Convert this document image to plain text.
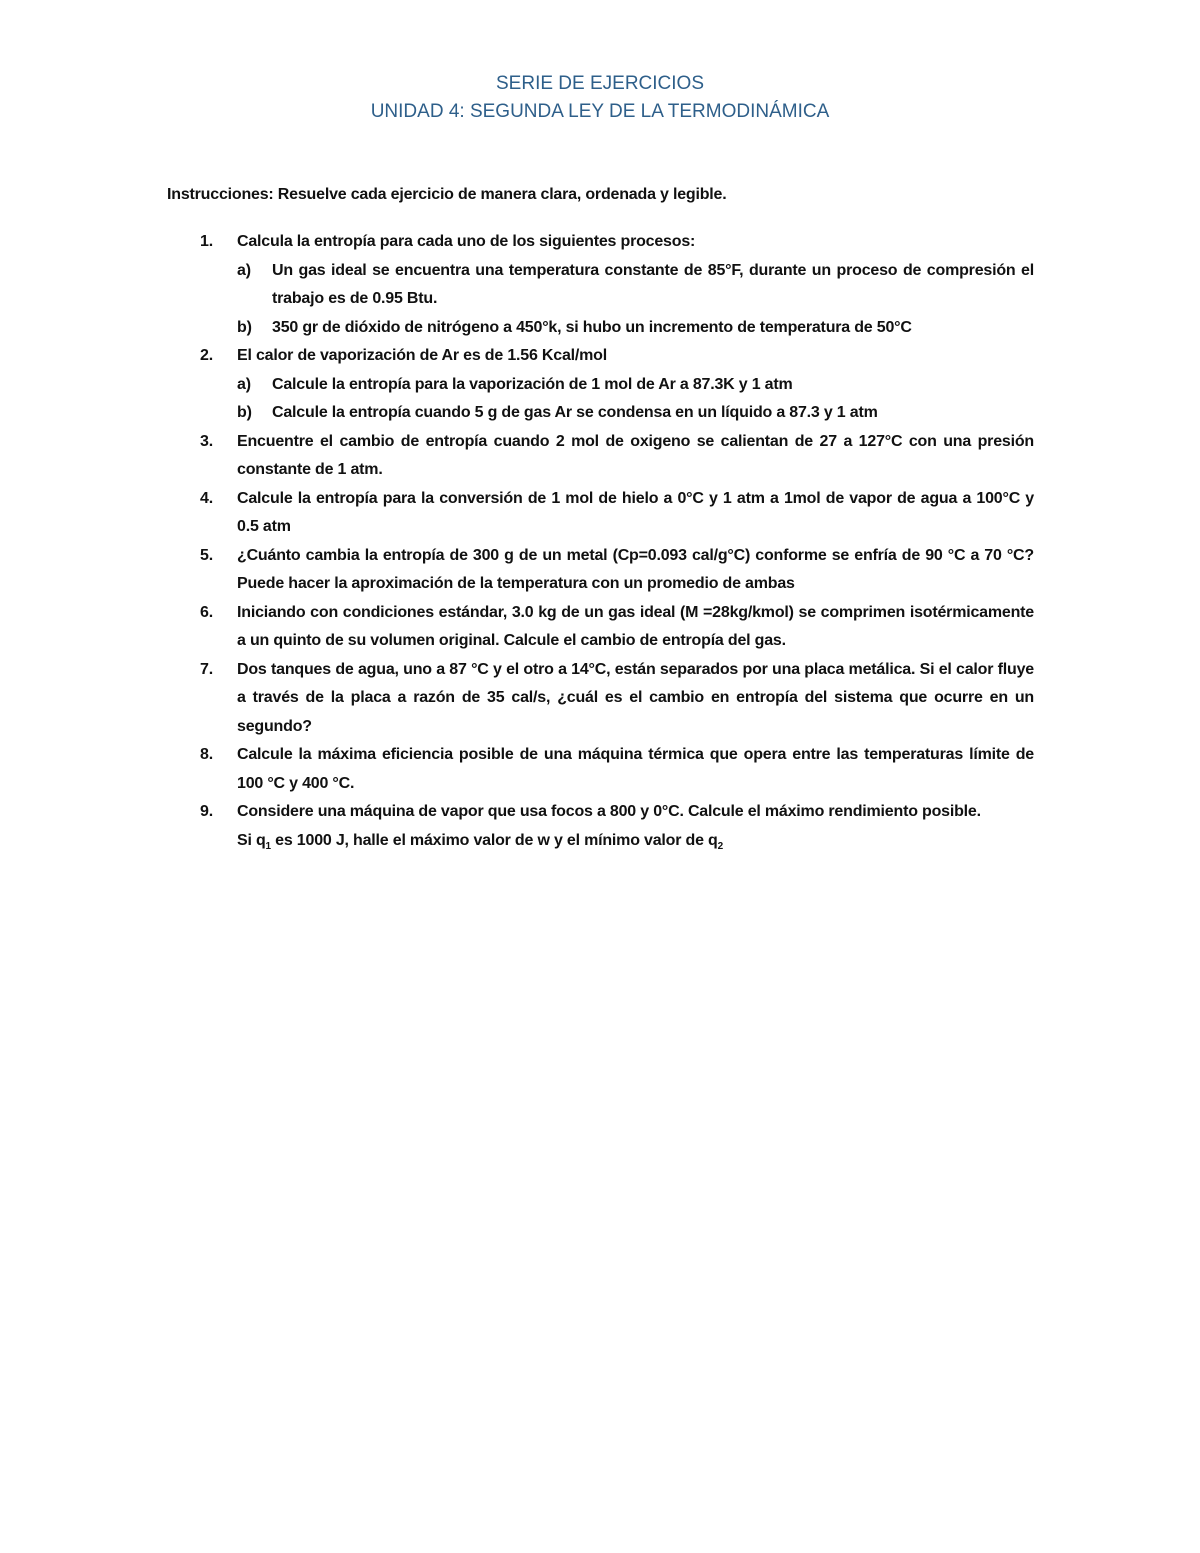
SERIE DE EJERCICIOS
UNIDAD 4: SEGUNDA LEY DE LA TERMODINÁMICA
Instrucciones: Resuelve cada ejercicio de manera clara, ordenada y legible.
1.	Calcula la entropía para cada uno de los siguientes procesos:
a)	Un gas ideal se encuentra una temperatura constante de 85°F, durante un proceso de compresión el trabajo es de 0.95 Btu.
b)	350 gr de dióxido de nitrógeno a 450°k, si hubo un incremento de temperatura de 50°C
2.	El calor de vaporización de Ar es de 1.56 Kcal/mol
a)	Calcule la entropía para la vaporización de 1 mol de Ar a 87.3K y 1 atm
b)	Calcule la entropía cuando 5 g de gas Ar se condensa en un líquido a 87.3 y 1 atm
3.	Encuentre el cambio de entropía cuando 2 mol de oxigeno se calientan de 27 a 127°C con una presión constante de 1 atm.
4.	Calcule la entropía para la conversión de 1 mol de hielo a 0°C y 1 atm a 1mol de vapor de agua a 100°C y 0.5 atm
5.	¿Cuánto cambia la entropía de 300 g de un metal (Cp=0.093 cal/g°C) conforme se enfría de 90 °C a 70 °C? Puede hacer la aproximación de la temperatura con un promedio de ambas
6.	Iniciando con condiciones estándar, 3.0 kg de un gas ideal (M =28kg/kmol) se comprimen isotérmicamente a un quinto de su volumen original. Calcule el cambio de entropía del gas.
7.	Dos tanques de agua, uno a 87 °C y el otro a 14°C, están separados por una placa metálica. Si el calor fluye a través de la placa a razón de 35 cal/s, ¿cuál es el cambio en entropía del sistema que ocurre en un segundo?
8.	Calcule la máxima eficiencia posible de una máquina térmica que opera entre las temperaturas límite de 100 °C y 400 °C.
9.	Considere una máquina de vapor que usa focos a 800 y 0°C. Calcule el máximo rendimiento posible.
Si $q_1$ es 1000 J, halle el máximo valor de w y el mínimo valor de $q_2$
